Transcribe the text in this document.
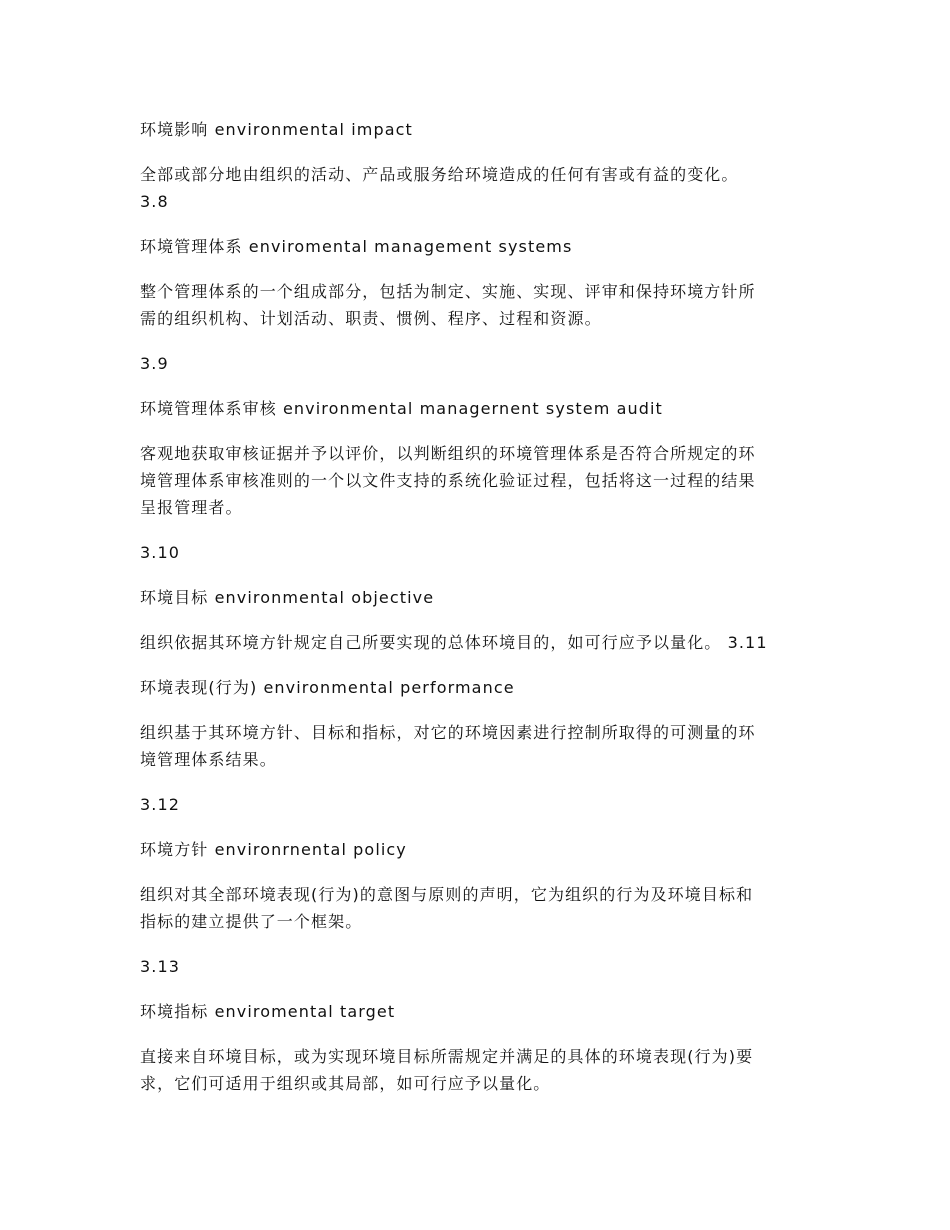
环境影响 environmental impact

全部或部分地由组织的活动、产品或服务给环境造成的任何有害或有益的变化。

3.8

环境管理体系 enviromental management systems

整个管理体系的一个组成部分，包括为制定、实施、实现、评审和保持环境方针所

需的组织机构、计划活动、职责、惯例、程序、过程和资源。

3.9

环境管理体系审核 environmental managernent system audit

客观地获取审核证据并予以评价，以判断组织的环境管理体系是否符合所规定的环

境管理体系审核准则的一个以文件支持的系统化验证过程，包括将这一过程的结果

呈报管理者。

3.10

环境目标 environmental objective

组织依据其环境方针规定自己所要实现的总体环境目的，如可行应予以量化。 3.11

环境表现(行为) environmental performance

组织基于其环境方针、目标和指标，对它的环境因素进行控制所取得的可测量的环

境管理体系结果。

3.12

环境方针 environrnental policy

组织对其全部环境表现(行为)的意图与原则的声明，它为组织的行为及环境目标和

指标的建立提供了一个框架。

3.13

环境指标 enviromental target

直接来自环境目标，或为实现环境目标所需规定并满足的具体的环境表现(行为)要

求，它们可适用于组织或其局部，如可行应予以量化。
